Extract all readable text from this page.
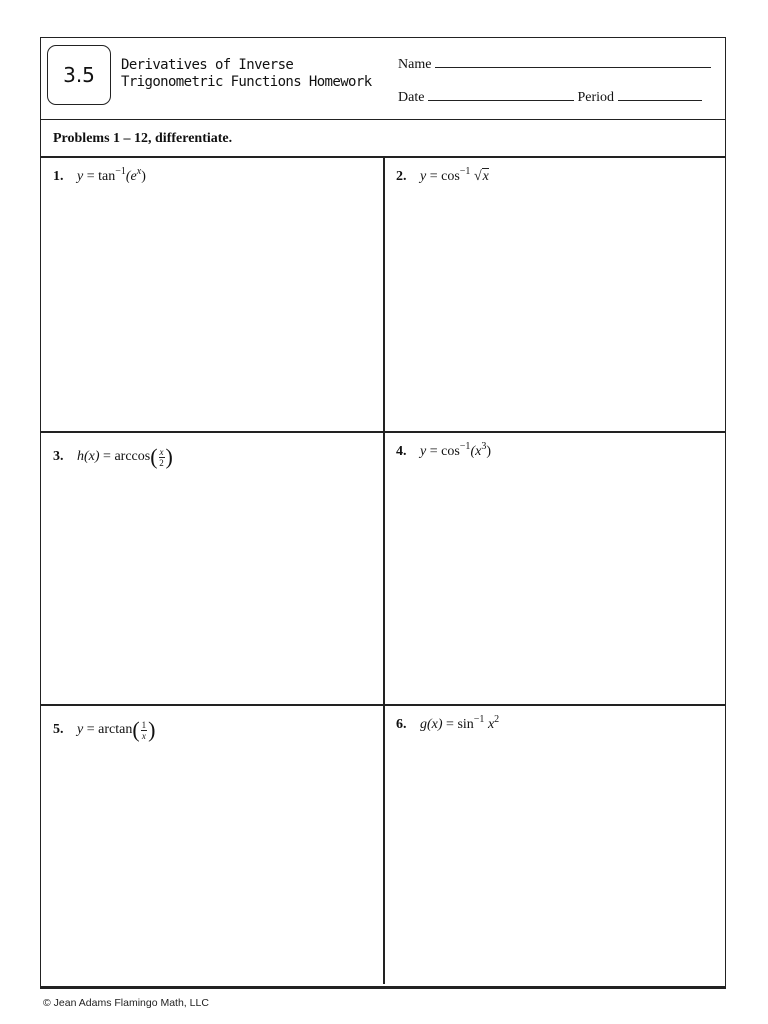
3.5	Derivatives of Inverse
Trigonometric Functions Homework
Name
Date	Period
Problems 1 – 12, differentiate.
1. $y = \tan^{-1}(e^x)$	2. $y = \cos^{-1} √x$
3. $h(x) = \arccos( \frac{x}{2}$ )	4. $y = \cos^{-1}(x^3)$
5. $y = \arctan( \frac{1}{x}$ )	6. $g(x) = \sin^{-1} x^2$
© Jean Adams Flamingo Math, LLC
